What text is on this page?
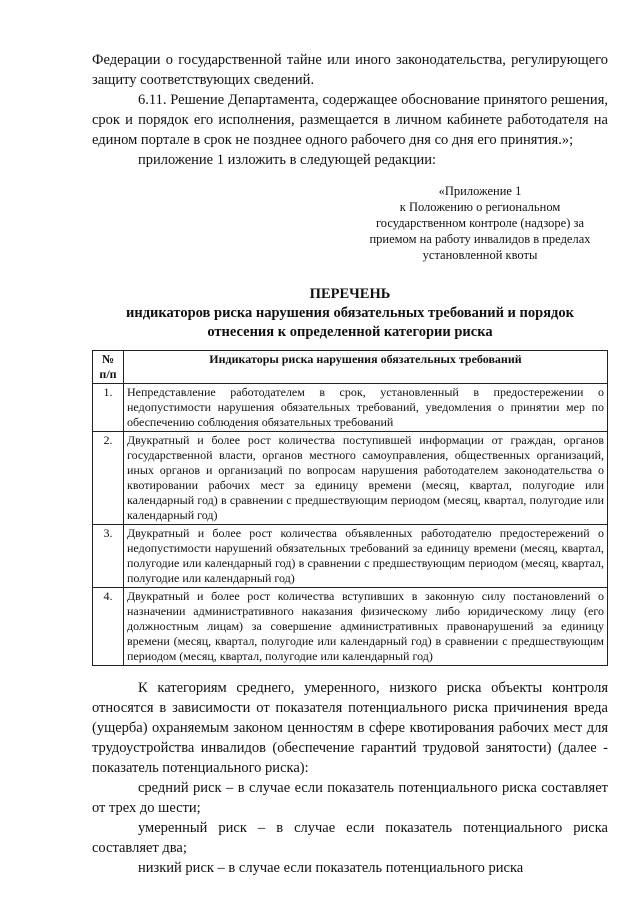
Федерации о государственной тайне или иного законодательства, регулирующего защиту соответствующих сведений.

6.11. Решение Департамента, содержащее обоснование принятого решения, срок и порядок его исполнения, размещается в личном кабинете работодателя на едином портале в срок не позднее одного рабочего дня со дня его принятия.»;

приложение 1 изложить в следующей редакции:

«Приложение 1
к Положению о региональном государственном контроле (надзоре) за приемом на работу инвалидов в пределах установленной квоты
ПЕРЕЧЕНЬ
индикаторов риска нарушения обязательных требований и порядок отнесения к определенной категории риска
№ п/п	Индикаторы риска нарушения обязательных требований
1.	Непредставление работодателем в срок, установленный в предостережении о недопустимости нарушения обязательных требований, уведомления о принятии мер по обеспечению соблюдения обязательных требований
2.	Двукратный и более рост количества поступившей информации от граждан, органов государственной власти, органов местного самоуправления, общественных организаций, иных органов и организаций по вопросам нарушения работодателем законодательства о квотировании рабочих мест за единицу времени (месяц, квартал, полугодие или календарный год) в сравнении с предшествующим периодом (месяц, квартал, полугодие или календарный год)
3.	Двукратный и более рост количества объявленных работодателю предостережений о недопустимости нарушений обязательных требований за единицу времени (месяц, квартал, полугодие или календарный год) в сравнении с предшествующим периодом (месяц, квартал, полугодие или календарный год)
4.	Двукратный и более рост количества вступивших в законную силу постановлений о назначении административного наказания физическому либо юридическому лицу (его должностным лицам) за совершение административных правонарушений за единицу времени (месяц, квартал, полугодие или календарный год) в сравнении с предшествующим периодом (месяц, квартал, полугодие или календарный год)

К категориям среднего, умеренного, низкого риска объекты контроля относятся в зависимости от показателя потенциального риска причинения вреда (ущерба) охраняемым законом ценностям в сфере квотирования рабочих мест для трудоустройства инвалидов (обеспечение гарантий трудовой занятости) (далее - показатель потенциального риска):

средний риск – в случае если показатель потенциального риска составляет от трех до шести;

умеренный риск – в случае если показатель потенциального риска составляет два;

низкий риск – в случае если показатель потенциального риска
